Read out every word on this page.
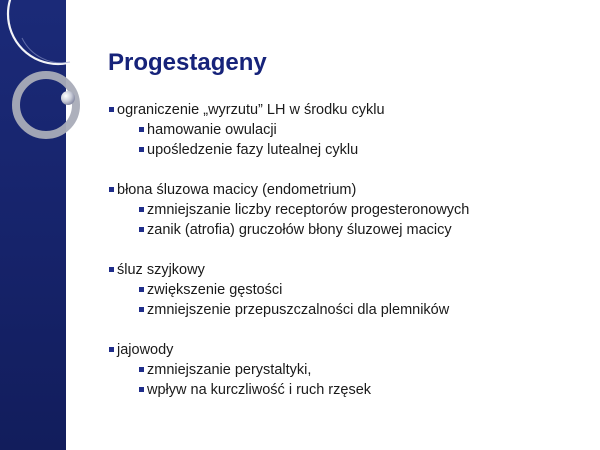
Progestageny
ograniczenie „wyrzutu” LH w środku cyklu
hamowanie owulacji
upośledzenie fazy lutealnej cyklu
błona śluzowa macicy (endometrium)
zmniejszanie liczby receptorów progesteronowych
zanik (atrofia) gruczołów błony śluzowej macicy
śluz szyjkowy
zwiększenie gęstości
zmniejszenie przepuszczalności dla plemników
jajowody
zmniejszanie perystaltyki,
wpływ na kurczliwość i ruch rzęsek
